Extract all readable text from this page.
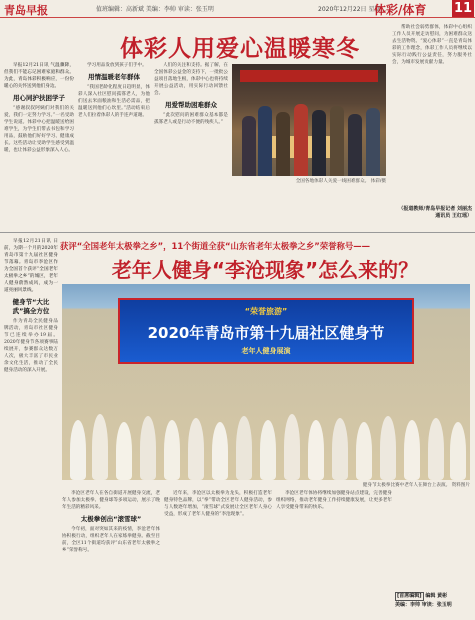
青岛早报	值班编辑：高新斌 美编：李帅 审读：张玉明	2020年12月22日 星期二
体彩/体育 11
体彩人用爱心温暖寒冬

早报12月21日讯 气温骤降，但我们不能忘记困难家庭和群众。为此，青岛体彩积极响应，一份份暖心的关怀送到他们身边。

用心同护扶困学子

“感谢叔叔阿姨们对我们的关爱，我们一定努力学习。”一名受助学生说道。体彩中心把温暖送给困难学生，为学生们带去书包和学习用品，鼓励他们好好学习、健康成长。这些活动让受助学生感受到温暖，也让体彩公益形象深入人心。

学习用品发放到孩子们手中。

用情温暖老年群体

“我国老龄化程度日趋明显，体彩人深入社区慰问孤寡老人，为他们送去米面粮油和生活必需品，把温暖送到他们心坎里。”活动结束后老人们拉着体彩人的手连声道谢。

人们的关注和支持。据了解，在全国体彩公益金的支持下，一批批公益项目落地生根，体彩中心也将持续开展公益活动，用实际行动回馈社会。

用爱帮助困难群众

“此次慰问的困难群众基本都是孤寡老人或是行动不便的残疾人。”

全国各地体彩人关爱一线困难群众。 体彩/摄

帮助社会弱势群体，体彩中心组织工作人员开展走访慰问，为困难群众送去生活物资。“爱心体彩”一直是青岛体彩的工作理念，体彩工作人员将继续以实际行动践行公益责任，努力服务社会，为城市发展贡献力量。

（报道教师/青岛早报记者 刘丽杰 通讯员 王红瑶）

早报12月21日讯 日前，为期一个月的2020年青岛市第十九届社区健身节落幕。青岛市李沧区作为全国首个获评“全国老年太极拳之乡”的城区，老年人健身蔚然成风，成为一道亮丽风景线。

健身节“大比武”搞全方位

作为青岛全民健身品牌活动，青岛市社区健身节已连续举办19届。2020年健身节各项赛事陆续展开，参赛群众达数万人次，极大丰富了市民业余文化生活，推动了全民健身活动的深入开展。

获评“全国老年太极拳之乡”，11个街道全获“山东省老年太极拳之乡”荣誉称号——
老年人健身“李沧现象”怎么来的？
“荣誉旅游”
2020年青岛市第十九届社区健身节
老年人健身展演
健身节太极拳比赛中老年人在舞台上表演。 资料图片

李沧区老年人在各自街道开展健身交流，老年人参加太极拳、健身球等多项运动，展示了晚年生活的精彩风采。

太极拳创出“滚雪球”

今年初，面对突如其来的疫情，李沧老年体协积极行动，组织老年人在家练拳健身。截至目前，全区11个街道均获评“山东省老年太极拳之乡”荣誉称号。

近年来，李沧区以太极拳为龙头，积极打造老年健身特色品牌，以“拳”带动全区老年人健身活动，参与人数逐年增加，“滚雪球”式发展让全区老年人身心受益，形成了老年人健身的“李沧现象”。

李沧区老年体协将继续加强健身站点建设，完善健身组织网络，推动老年健身工作持续健康发展，让更多老年人享受健身带来的快乐。

[首席编辑] 编辑 黄彬
美编：李帅 审读：张玉明
